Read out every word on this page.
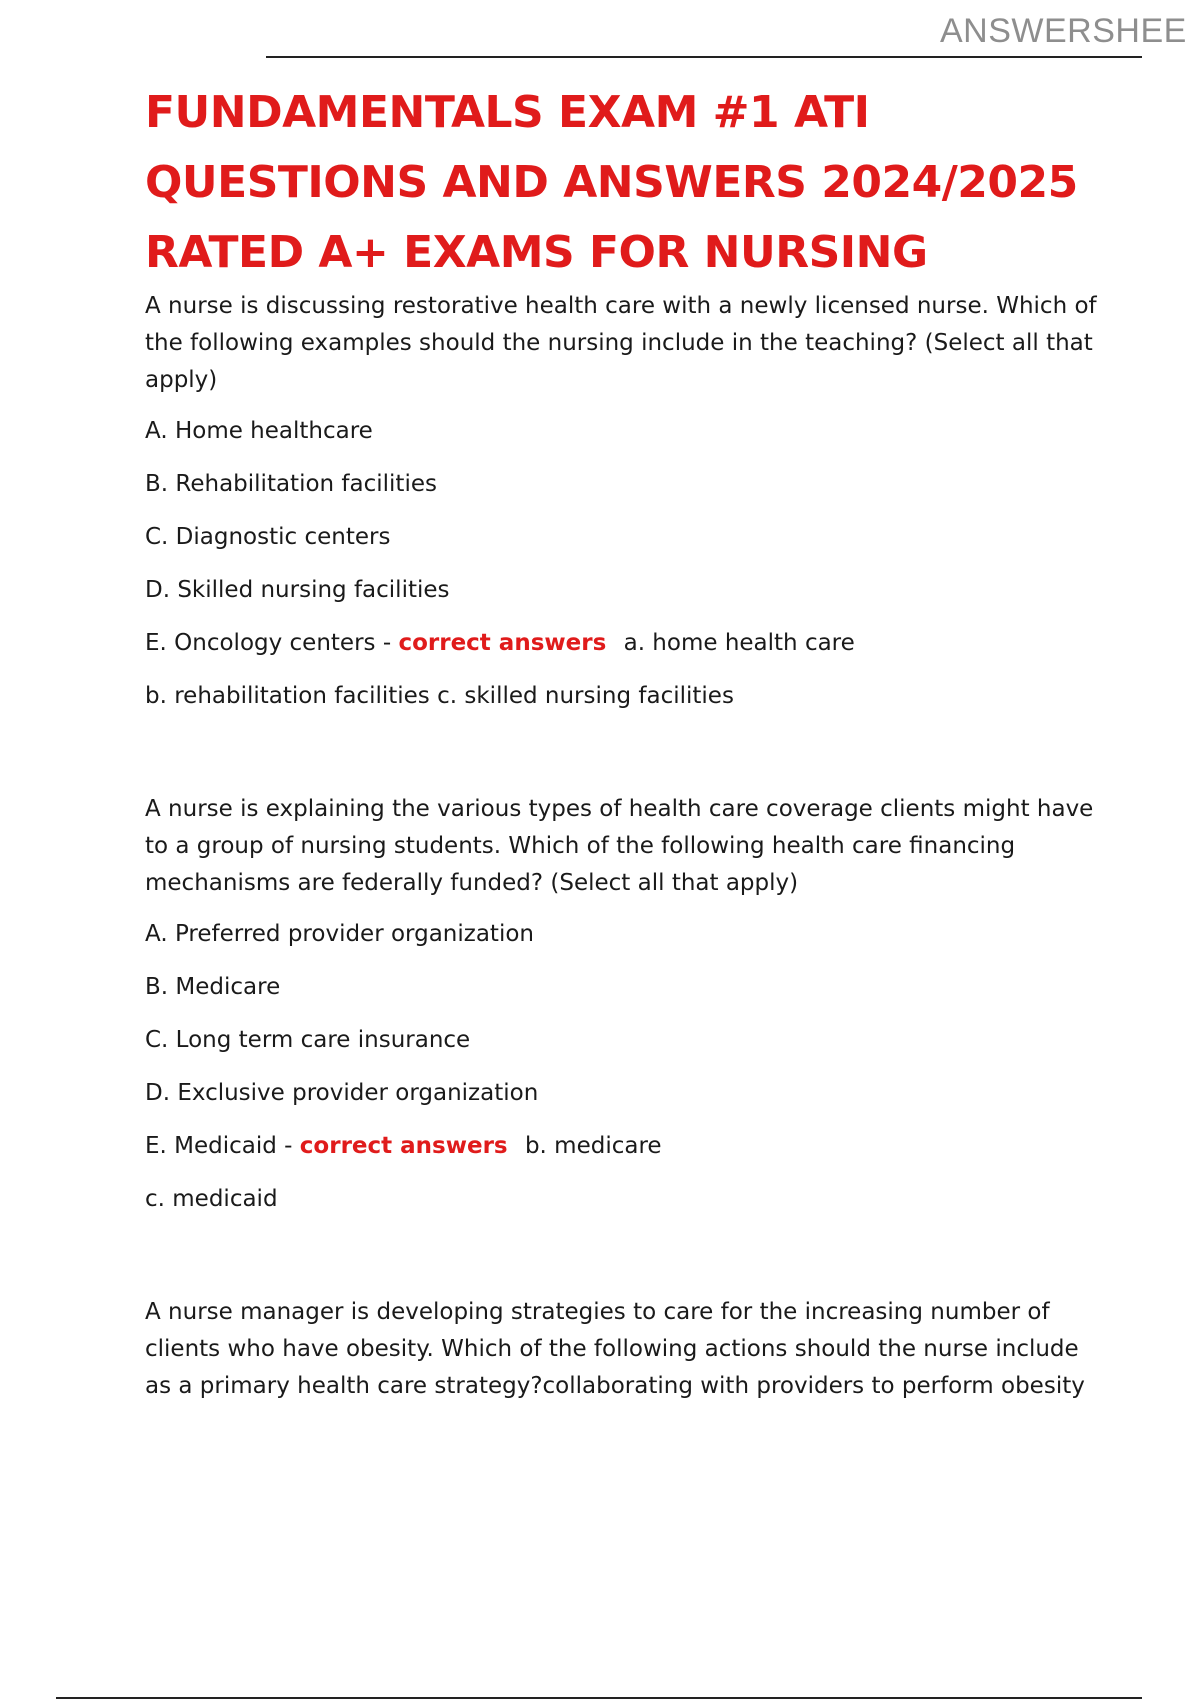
ANSWERSHEE
FUNDAMENTALS EXAM #1 ATI
QUESTIONS AND ANSWERS 2024/2025
RATED A+ EXAMS FOR NURSING

A nurse is discussing restorative health care with a newly licensed nurse. Which of the following examples should the nursing include in the teaching? (Select all that apply)

A. Home healthcare
B. Rehabilitation facilities
C. Diagnostic centers
D. Skilled nursing facilities
E. Oncology centers - correct answers a. home health care
b. rehabilitation facilities c. skilled nursing facilities

A nurse is explaining the various types of health care coverage clients might have to a group of nursing students. Which of the following health care financing mechanisms are federally funded? (Select all that apply)

A. Preferred provider organization
B. Medicare
C. Long term care insurance
D. Exclusive provider organization
E. Medicaid - correct answers b. medicare
c. medicaid

A nurse manager is developing strategies to care for the increasing number of clients who have obesity. Which of the following actions should the nurse include as a primary health care strategy?collaborating with providers to perform obesity
